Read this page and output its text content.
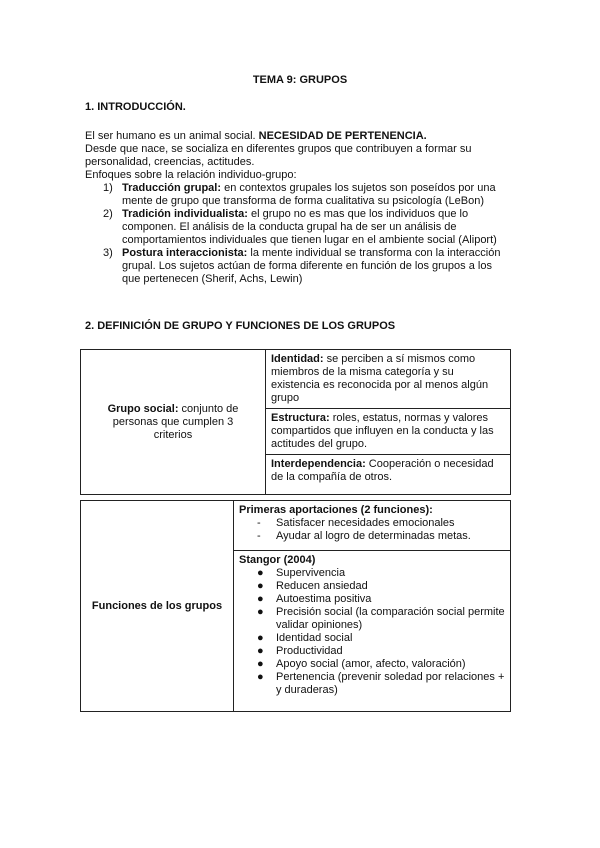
TEMA 9: GRUPOS
1. INTRODUCCIÓN.
El ser humano es un animal social. NECESIDAD DE PERTENENCIA.
Desde que nace, se socializa en diferentes grupos que contribuyen a formar su personalidad, creencias, actitudes.
Enfoques sobre la relación individuo-grupo:
1) Traducción grupal: en contextos grupales los sujetos son poseídos por una mente de grupo que transforma de forma cualitativa su psicología (LeBon)
2) Tradición individualista: el grupo no es mas que los individuos que lo componen. El análisis de la conducta grupal ha de ser un análisis de comportamientos individuales que tienen lugar en el ambiente social (Aliport)
3) Postura interaccionista: la mente individual se transforma con la interacción grupal. Los sujetos actúan de forma diferente en función de los grupos a los que pertenecen (Sherif, Achs, Lewin)
2. DEFINICIÓN DE GRUPO Y FUNCIONES DE LOS GRUPOS
Grupo social: conjunto de personas que cumplen 3 criterios	Identidad: se perciben a sí mismos como miembros de la misma categoría y su existencia es reconocida por al menos algún grupo
Estructura: roles, estatus, normas y valores compartidos que influyen en la conducta y las actitudes del grupo.
Interdependencia: Cooperación o necesidad de la compañía de otros.
Funciones de los grupos	Primeras aportaciones (2 funciones):
- Satisfacer necesidades emocionales
- Ayudar al logro de determinadas metas.

Stangor (2004)
● Supervivencia
● Reducen ansiedad
● Autoestima positiva
● Precisión social (la comparación social permite validar opiniones)
● Identidad social
● Productividad
● Apoyo social (amor, afecto, valoración)
● Pertenencia (prevenir soledad por relaciones + y duraderas)
